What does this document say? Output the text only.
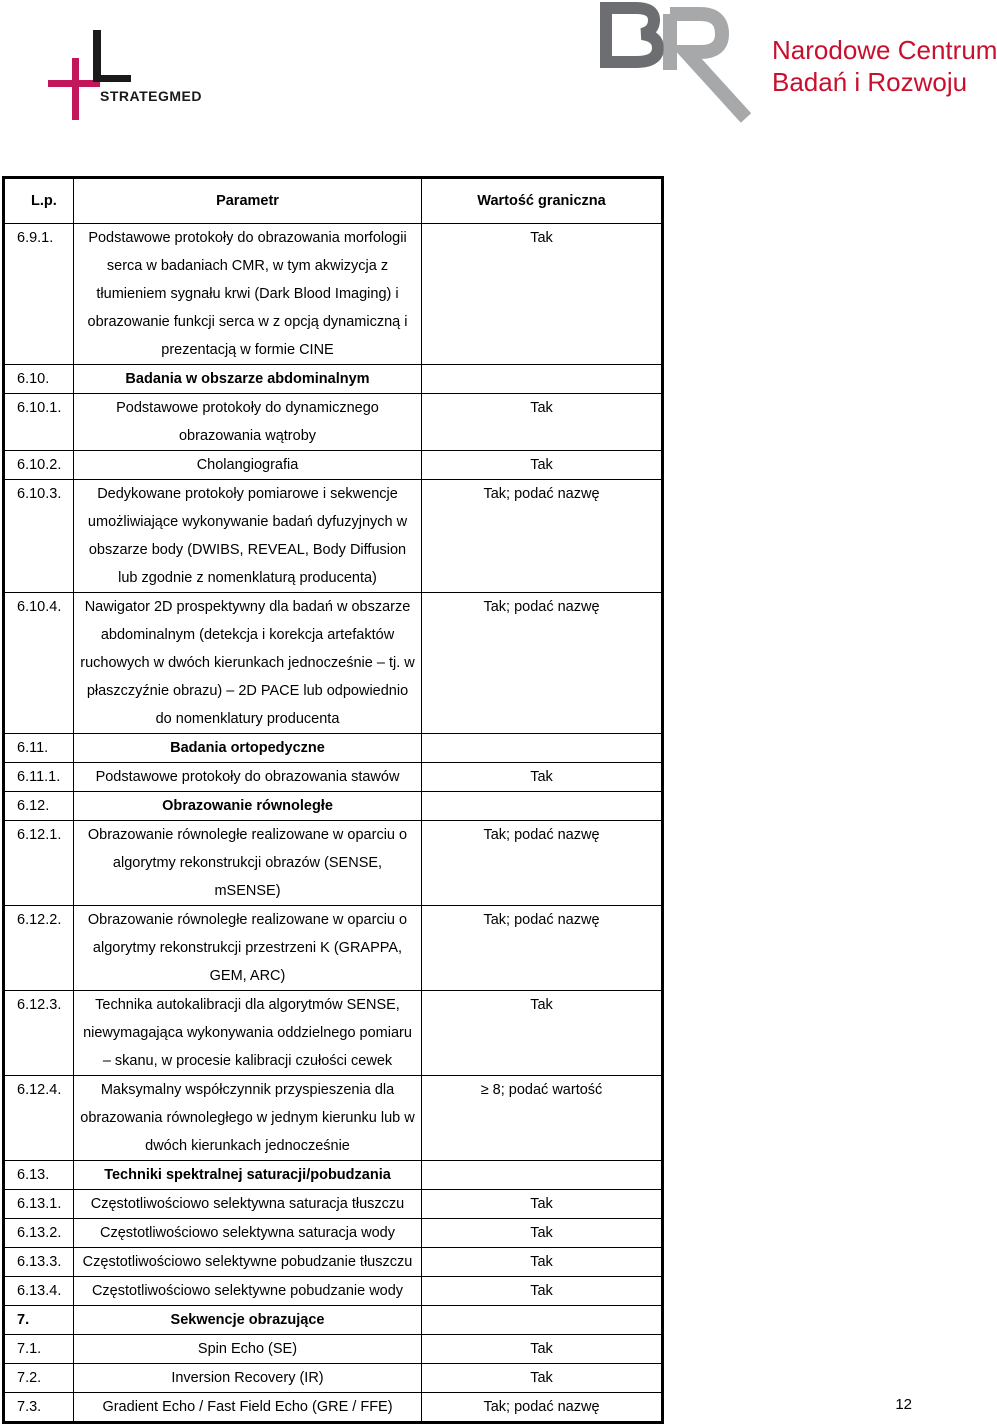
STRATEGMED
Narodowe Centrum
Badań i Rozwoju
L.p.	Parametr	Wartość graniczna
6.9.1.	Podstawowe protokoły do obrazowania morfologii serca w badaniach CMR, w tym akwizycja z tłumieniem sygnału krwi (Dark Blood Imaging) i obrazowanie funkcji serca w z opcją dynamiczną i prezentacją w formie CINE	Tak
6.10.	Badania w obszarze abdominalnym	
6.10.1.	Podstawowe protokoły do dynamicznego obrazowania wątroby	Tak
6.10.2.	Cholangiografia	Tak
6.10.3.	Dedykowane protokoły pomiarowe i sekwencje umożliwiające wykonywanie badań dyfuzyjnych w obszarze body (DWIBS, REVEAL, Body Diffusion lub zgodnie z nomenklaturą producenta)	Tak; podać nazwę
6.10.4.	Nawigator 2D prospektywny dla badań w obszarze abdominalnym (detekcja i korekcja artefaktów ruchowych w dwóch kierunkach jednocześnie – tj. w płaszczyźnie obrazu) – 2D PACE lub odpowiednio do nomenklatury producenta	Tak; podać nazwę
6.11.	Badania ortopedyczne	
6.11.1.	Podstawowe protokoły do obrazowania stawów	Tak
6.12.	Obrazowanie równoległe	
6.12.1.	Obrazowanie równoległe realizowane w oparciu o algorytmy rekonstrukcji obrazów (SENSE, mSENSE)	Tak; podać nazwę
6.12.2.	Obrazowanie równoległe realizowane w oparciu o algorytmy rekonstrukcji przestrzeni K (GRAPPA, GEM, ARC)	Tak; podać nazwę
6.12.3.	Technika autokalibracji dla algorytmów SENSE, niewymagająca wykonywania oddzielnego pomiaru – skanu, w procesie kalibracji czułości cewek	Tak
6.12.4.	Maksymalny współczynnik przyspieszenia dla obrazowania równoległego w jednym kierunku lub w dwóch kierunkach jednocześnie	≥ 8; podać wartość
6.13.	Techniki spektralnej saturacji/pobudzania	
6.13.1.	Częstotliwościowo selektywna saturacja tłuszczu	Tak
6.13.2.	Częstotliwościowo selektywna saturacja wody	Tak
6.13.3.	Częstotliwościowo selektywne pobudzanie tłuszczu	Tak
6.13.4.	Częstotliwościowo selektywne pobudzanie wody	Tak
7.	Sekwencje obrazujące	
7.1.	Spin Echo (SE)	Tak
7.2.	Inversion Recovery (IR)	Tak
7.3.	Gradient Echo / Fast Field Echo (GRE / FFE)	Tak; podać nazwę	12
